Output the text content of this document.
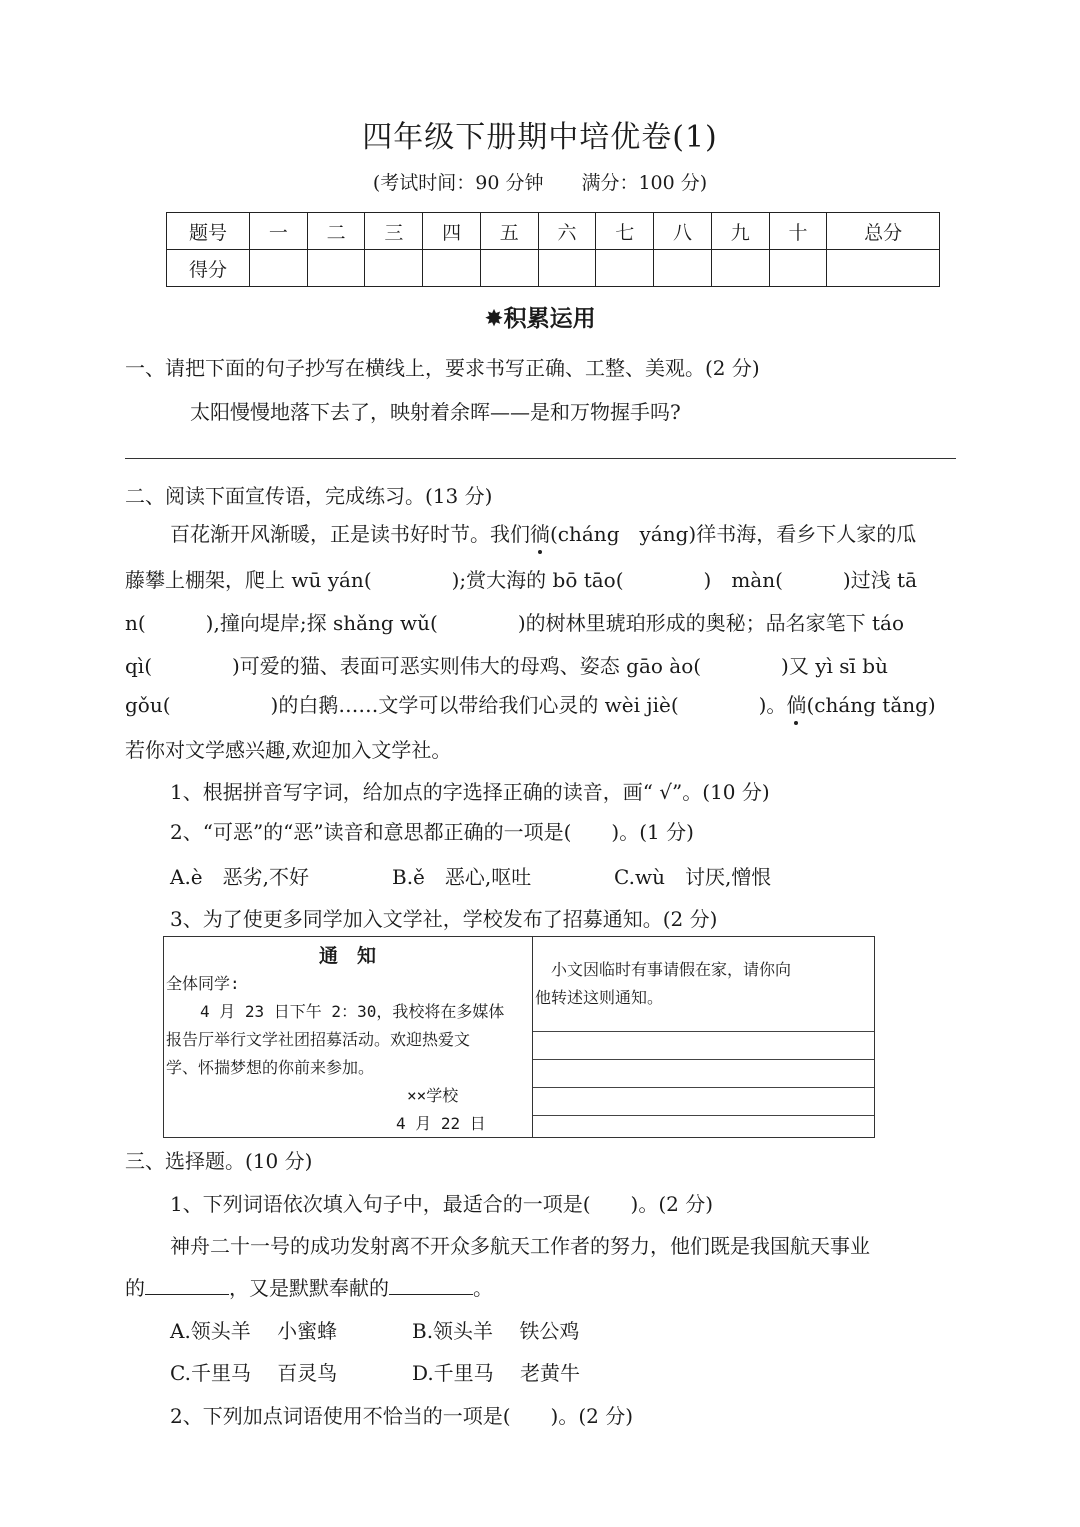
四年级下册期中培优卷(1)
(考试时间：90 分钟　　满分：100 分)
题号	一	二	三	四	五	六	七	八	九	十	总分
得分											
✸积累运用
一、请把下面的句子抄写在横线上，要求书写正确、工整、美观。(2 分)
太阳慢慢地落下去了，映射着余晖——是和万物握手吗?
二、阅读下面宣传语，完成练习。(13 分)
百花渐开风渐暖，正是读书好时节。我们徜(cháng　yáng)徉书海，看乡下人家的瓜
藤攀上棚架，爬上 wū yán(　　　　);赏大海的 bō tāo(　　　　)　màn(　　　)过浅 tā
n(　　　),撞向堤岸;探 shǎng wǔ(　　　　)的树林里琥珀形成的奥秘；品名家笔下 táo
qì(　　　　)可爱的猫、表面可恶实则伟大的母鸡、姿态 gāo ào(　　　　)又 yì sī bù
gǒu(　　　　　)的白鹅……文学可以带给我们心灵的 wèi jiè(　　　　)。倘(cháng tǎng)
若你对文学感兴趣,欢迎加入文学社。
1、根据拼音写字词，给加点的字选择正确的读音，画“ √”。(10 分)
2、“可恶”的“恶”读音和意思都正确的一项是(　　)。(1 分)
A.è　恶劣,不好	B.ě　恶心,呕吐	C.wù　讨厌,憎恨
3、为了使更多同学加入文学社，学校发布了招募通知。(2 分)
通　知
全体同学:
　4 月 23 日下午 2：30，我校将在多媒体
报告厅举行文学社团招募活动。欢迎热爱文
学、怀揣梦想的你前来参加。
××学校
4 月 22 日
　小文因临时有事请假在家，请你向
他转述这则通知。
三、选择题。(10 分)
1、下列词语依次填入句子中，最适合的一项是(　　)。(2 分)
神舟二十一号的成功发射离不开众多航天工作者的努力，他们既是我国航天事业
的	，又是默默奉献的	。
A.领头羊　 小蜜蜂	B.领头羊　 铁公鸡
C.千里马　 百灵鸟	D.千里马　 老黄牛
2、下列加点词语使用不恰当的一项是(　　)。(2 分)
